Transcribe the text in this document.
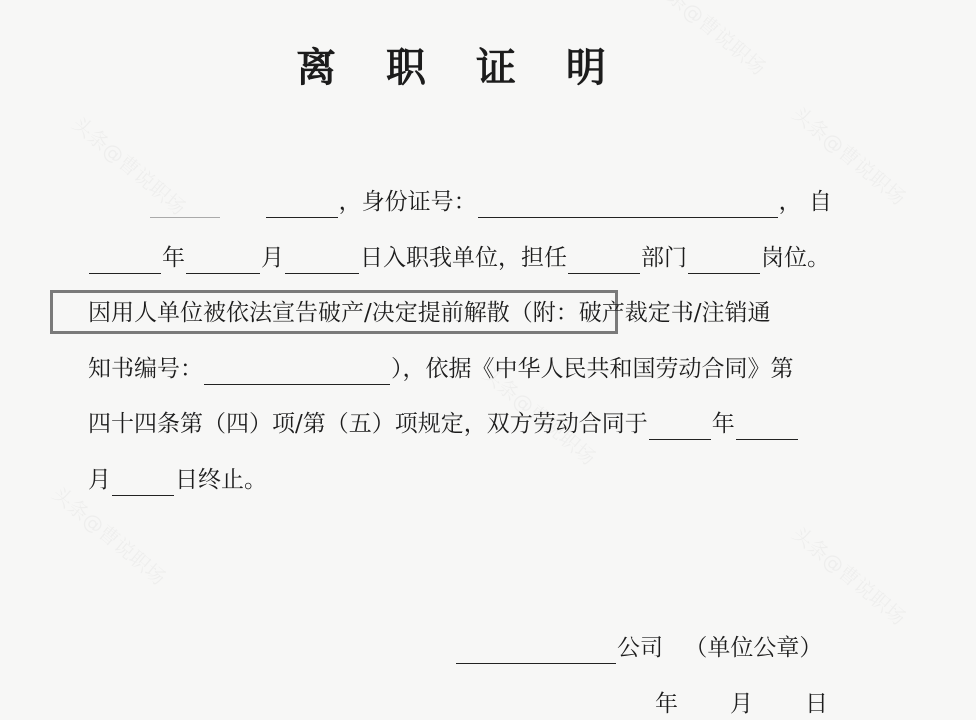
离 职 证 明
，身份证号：	， 自
年	月	日入职我单位，担任	部门	岗位。
因用人单位被依法宣告破产/决定提前解散（附：破产裁定书/注销通
知书编号：	），依据《中华人民共和国劳动合同》第
四十四条第（四）项/第（五）项规定，双方劳动合同于	年
月	日终止。
公司 （单位公章）
年 月 日
